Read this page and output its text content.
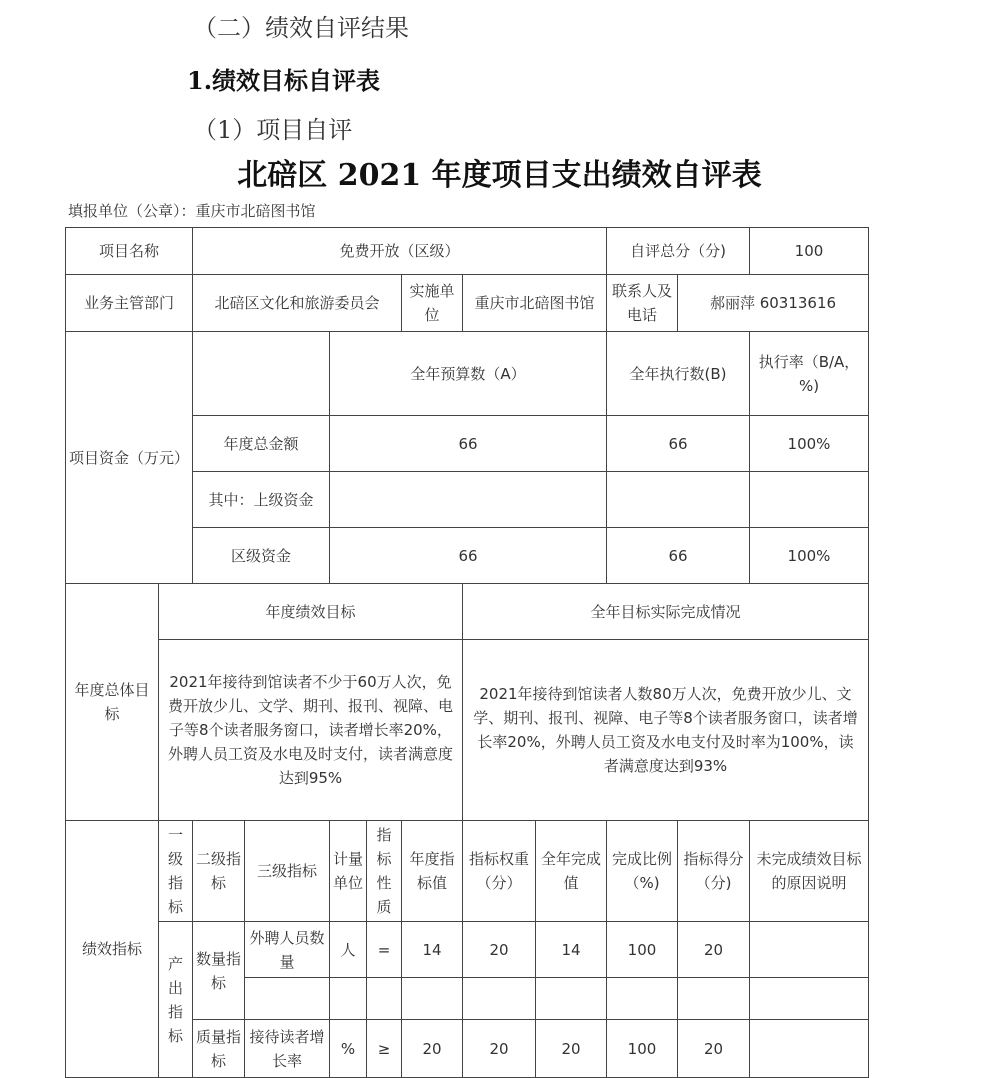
（二）绩效自评结果
1.绩效目标自评表
（1）项目自评
北碚区 2021 年度项目支出绩效自评表
填报单位（公章）：重庆市北碚图书馆
项目名称		免费开放（区级）							自评总分（分)		100
业务主管部门		北碚区文化和旅游委员会				实施单位	重庆市北碚图书馆		联系人及电话	郝丽萍 60313616	
项目资金（万元）				全年预算数（A）					全年执行数(B)		执行率（B/A，%)
		年度总金额		66					66		100%
		其中：上级资金									
		区级资金		66					66		100%
年度总体目标	年度绩效目标						全年目标实际完成情况				
	2021年接待到馆读者不少于60万人次，免费开放少儿、文学、期刊、报刊、视障、电子等8个读者服务窗口，读者增长率20%，外聘人员工资及水电及时支付，读者满意度达到95%						2021年接待到馆读者人数80万人次，免费开放少儿、文学、期刊、报刊、视障、电子等8个读者服务窗口，读者增长率20%，外聘人员工资及水电支付及时率为100%，读者满意度达到93%				
绩效指标	一级指标	二级指标	三级指标	计量单位	指标性质	年度指标值	指标权重（分）	全年完成值	完成比例（%)	指标得分（分)	未完成绩效目标的原因说明
	产出指标	数量指标	外聘人员数量	人	=	14	20	14	100	20	

		质量指标	接待读者增长率	%	≥	20	20	20	100	20	
